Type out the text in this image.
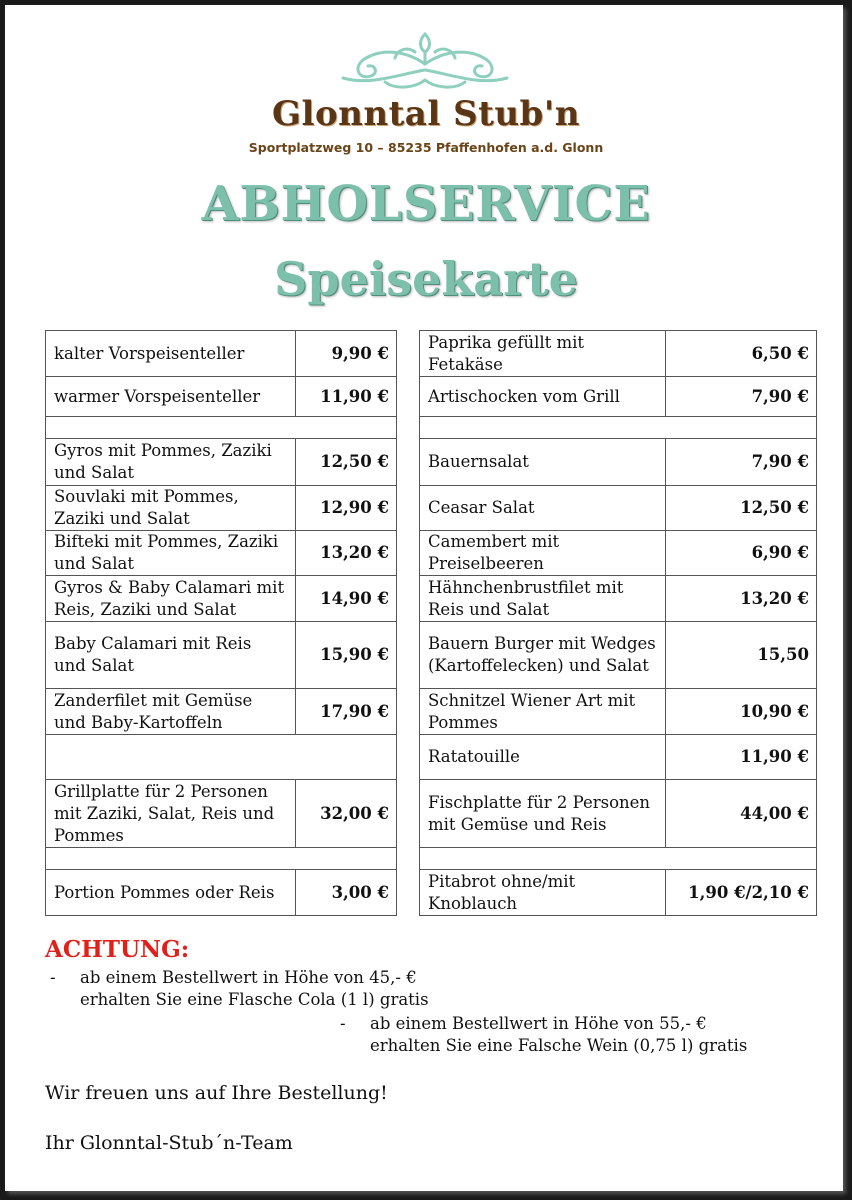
Glonntal Stub'n
Sportplatzweg 10 – 85235 Pfaffenhofen a.d. Glonn
ABHOLSERVICE
Speisekarte
kalter Vorspeisenteller	9,90 €
warmer Vorspeisenteller	11,90 €

Gyros mit Pommes, Zaziki und Salat	12,50 €
Souvlaki mit Pommes, Zaziki und Salat	12,90 €
Bifteki mit Pommes, Zaziki und Salat	13,20 €
Gyros & Baby Calamari mit Reis, Zaziki und Salat	14,90 €
Baby Calamari mit Reis und Salat	15,90 €
Zanderfilet mit Gemüse und Baby-Kartoffeln	17,90 €

Grillplatte für 2 Personen mit Zaziki, Salat, Reis und Pommes	32,00 €

Portion Pommes oder Reis	3,00 €
Paprika gefüllt mit Fetakäse	6,50 €
Artischocken vom Grill	7,90 €

Bauernsalat	7,90 €
Ceasar Salat	12,50 €
Camembert mit Preiselbeeren	6,90 €
Hähnchenbrustfilet mit Reis und Salat	13,20 €
Bauern Burger mit Wedges (Kartoffelecken) und Salat	15,50
Schnitzel Wiener Art mit Pommes	10,90 €
Ratatouille	11,90 €
Fischplatte für 2 Personen mit Gemüse und Reis	44,00 €

Pitabrot ohne/mit Knoblauch	1,90 €/2,10 €
ACHTUNG:
- ab einem Bestellwert in Höhe von 45,- €
erhalten Sie eine Flasche Cola (1 l) gratis
- ab einem Bestellwert in Höhe von 55,- €
erhalten Sie eine Falsche Wein (0,75 l) gratis
Wir freuen uns auf Ihre Bestellung!
Ihr Glonntal-Stub´n-Team
